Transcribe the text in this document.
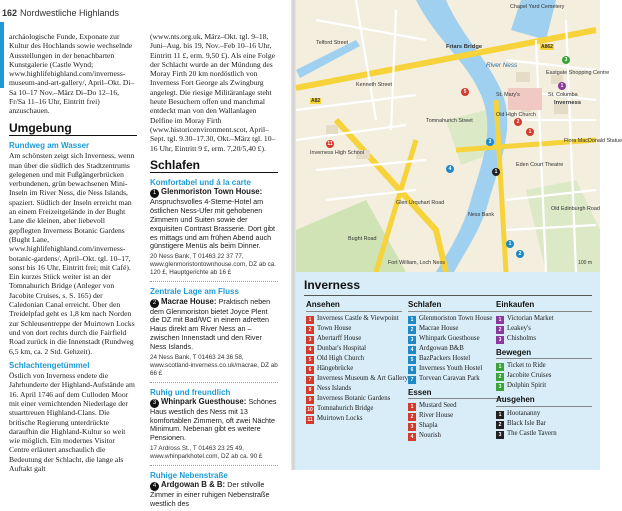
162 Nordwestliche Highlands

archäologische Funde, Exponate zur Kultur des Hochlands sowie wechselnde Ausstellungen in der benachbarten Kunstgalerie (Castle Wynd; www.highlifehighland.com/inverness-museum-and-art-gallery/, April–Okt. Di–Sa 10–17 Nov.–März Di–Do 12–16, Fr/Sa 11–16 Uhr, Eintritt frei) anzuschauen.

Umgebung
Rundweg am Wasser

Am schönsten zeigt sich Inverness, wenn man über die südlich des Stadtzentrums gelegenen und mit Fußgängerbrücken verbundenen, grün bewachsenen Mini-Inseln im River Ness, die Ness Islands, spaziert. Südlich der Inseln erreicht man an einem Freizeitgelände in der Bught Lane die kleinen, aber liebevoll gepflegten Inverness Botanic Gardens (Bught Lane, www.highlifehighland.com/inverness-botanic-gardens/, April–Okt. tgl. 10–17, sonst bis 16 Uhr, Eintritt frei; mit Café). Ein kurzes Stück weiter ist an der Tomnahurich Bridge (Anleger von Jacobite Cruises, s. S. 165) der Caledonian Canal erreicht. Über den Treidelpfad geht es 1,8 km nach Norden zur Schleusentreppe der Muirtown Locks und von dort rechts durch die Fairfield Road zurück in die Innenstadt (Rundweg 6,5 km, ca. 2 Std. Gehzeit).

Schlachtengetümmel

Östlich von Inverness endete die Jahrhunderte der Highland-Aufstände am 16. April 1746 auf dem Culloden Moor mit einer vernichtenden Niederlage der stuarttreuen Highland-Clans. Die britische Regierung unterdrückte daraufhin die Highland-Kultur so weit wie möglich. Ein modernes Visitor Centre erläutert anschaulich die Bedeutung der Schlacht, die lange als Auftakt galt

(www.nts.org.uk, März–Okt. tgl. 9–18, Juni–Aug. bis 19, Nov.–Feb 10–16 Uhr, Eintritt 11 £, erm. 9,50 £). Als eine Folge der Schlacht wurde an der Mündung des Moray Firth 20 km nordöstlich von Inverness Fort George als Zwingburg angelegt. Die riesige Militäranlage steht heute Besuchern offen und manchmal entdeckt man von den Wallanlagen Delfine im Moray Firth (www.historicenvironment.scot, April–Sept. tgl. 9.30–17.30, Okt.–März tgl. 10–16 Uhr, Eintritt 9 £, erm. 7,20/5,40 £).

Schlafen
Komfortabel und á la carte

1 Glenmoriston Town House: Anspruchsvolles 4-Sterne-Hotel am östlichen Ness-Ufer mit gehobenen Zimmern und Suiten sowie der exquisiten Contrast Brasserie. Dort gibt es mittags und am frühen Abend auch günstigere Menüs als beim Dinner.

20 Ness Bank, T 01463 22 37 77, www.glenmoristontownhouse.com, DZ ab ca. 120 £, Hauptgerichte ab 16 £
Zentrale Lage am Fluss

2 Macrae House: Praktisch neben dem Glenmoriston bietet Joyce Plent die DZ mit Bad/WC in einem adretten Haus direkt am River Ness an – zwischen Innenstadt und den River Ness Islands.

24 Ness Bank, T 01463 24 36 58, www.scotland-inverness.co.uk/macrae, DZ ab 66 £
Ruhig und freundlich

3 Whinpark Guesthouse: Schönes Haus westlich des Ness mit 13 komfortablen Zimmern, oft zwei Nächte Minimum. Nebenan gibt es weitere Pensionen.

17 Ardross St., T 01463 23 25 49, www.whinparkhotel.com, DZ ab ca. 90 £
Ruhige Nebenstraße

4 Ardgowan B & B: Der stilvolle Zimmer in einer ruhigen Nebenstraße westlich des

Chapel Yard Cemetery
Friars Bridge
Telford Street
River Ness
Kenneth Street
Old High Church
St. Columba
Eastgate Shopping Centre
Inverness
St. Mary's
Inverness High School
Flora MacDonald Statue
Eden Court Theatre
Glen Urquhart Road
Tomnahurich Street
Old Edinburgh Road
Bught Road
Ness Bank
A82
A862
Fort William, Loch Ness
1
5
2
1
3
4
1
2
3
1
11
100 m
Inverness
Ansehen
1 Inverness Castle & Viewpoint
2 Town House
3 Abertarff House
4 Dunbar's Hospital
5 Old High Church
6 Hängebrücke
7 Inverness Museum & Art Gallery
8 Ness Islands
9 Inverness Botanic Gardens
10 Tomnahurich Bridge
11 Muirtown Locks
Schlafen
1 Glenmoriston Town House
2 Macrae House
3 Whinpark Guesthouse
4 Ardgowan B&B
5 BazPackers Hostel
6 Inverness Youth Hostel
7 Torvean Caravan Park
Essen
1 Mustard Seed
2 River House
3 Shapla
4 Nourish
Einkaufen
1 Victorian Market
2 Leakey's
3 Chisholms
Bewegen
1 Ticket to Ride
2 Jacobite Cruises
3 Dolphin Spirit
Ausgehen
1 Hootananny
2 Black Isle Bar
3 The Castle Tavern
